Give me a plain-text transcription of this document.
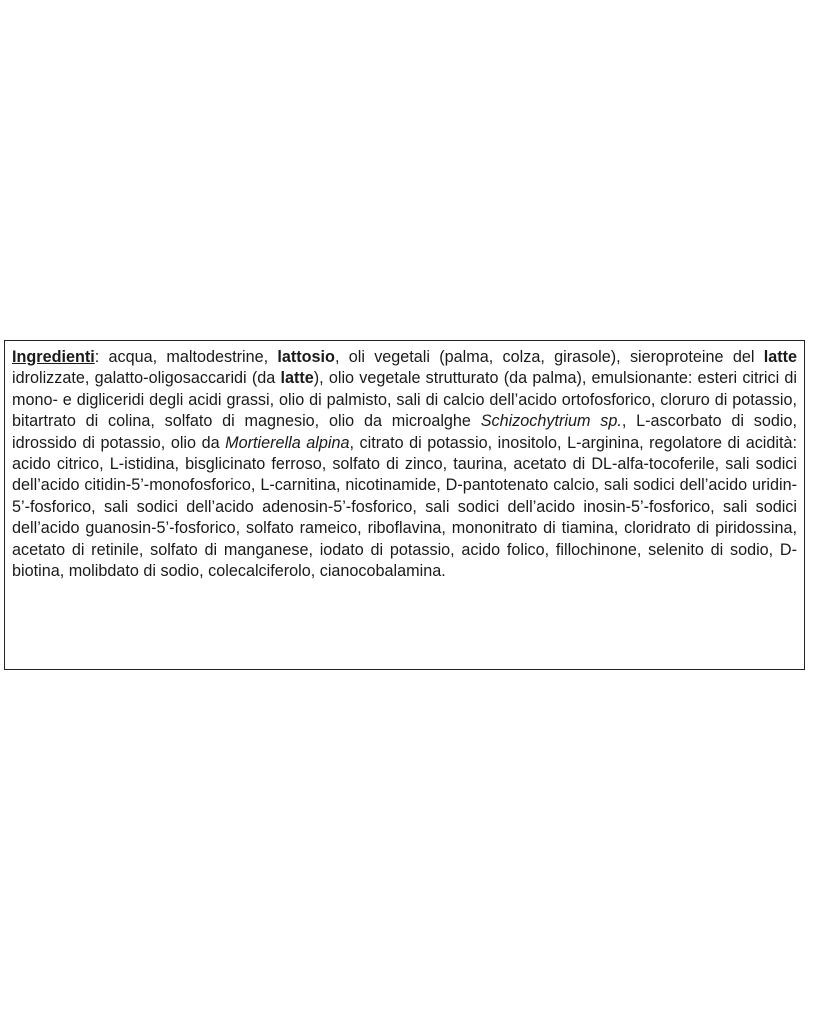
Ingredienti: acqua, maltodestrine, lattosio, oli vegetali (palma, colza, girasole), sieroproteine del latte idrolizzate, galatto-oligosaccaridi (da latte), olio vegetale strutturato (da palma), emulsionante: esteri citrici di mono- e digliceridi degli acidi grassi, olio di palmisto, sali di calcio dell’acido ortofosforico, cloruro di potassio, bitartrato di colina, solfato di magnesio, olio da microalghe Schizochytrium sp., L-ascorbato di sodio, idrossido di potassio, olio da Mortierella alpina, citrato di potassio, inositolo, L-arginina, regolatore di acidità: acido citrico, L-istidina, bisglicinato ferroso, solfato di zinco, taurina, acetato di DL-alfa-tocoferile, sali sodici dell’acido citidin-5’-monofosforico, L-carnitina, nicotinamide, D-pantotenato calcio, sali sodici dell’acido uridin-5’-fosforico, sali sodici dell’acido adenosin-5’-fosforico, sali sodici dell’acido inosin-5’-fosforico, sali sodici dell’acido guanosin-5’-fosforico, solfato rameico, riboflavina, mononitrato di tiamina, cloridrato di piridossina, acetato di retinile, solfato di manganese, iodato di potassio, acido folico, fillochinone, selenito di sodio, D-biotina, molibdato di sodio, colecalciferolo, cianocobalamina.
